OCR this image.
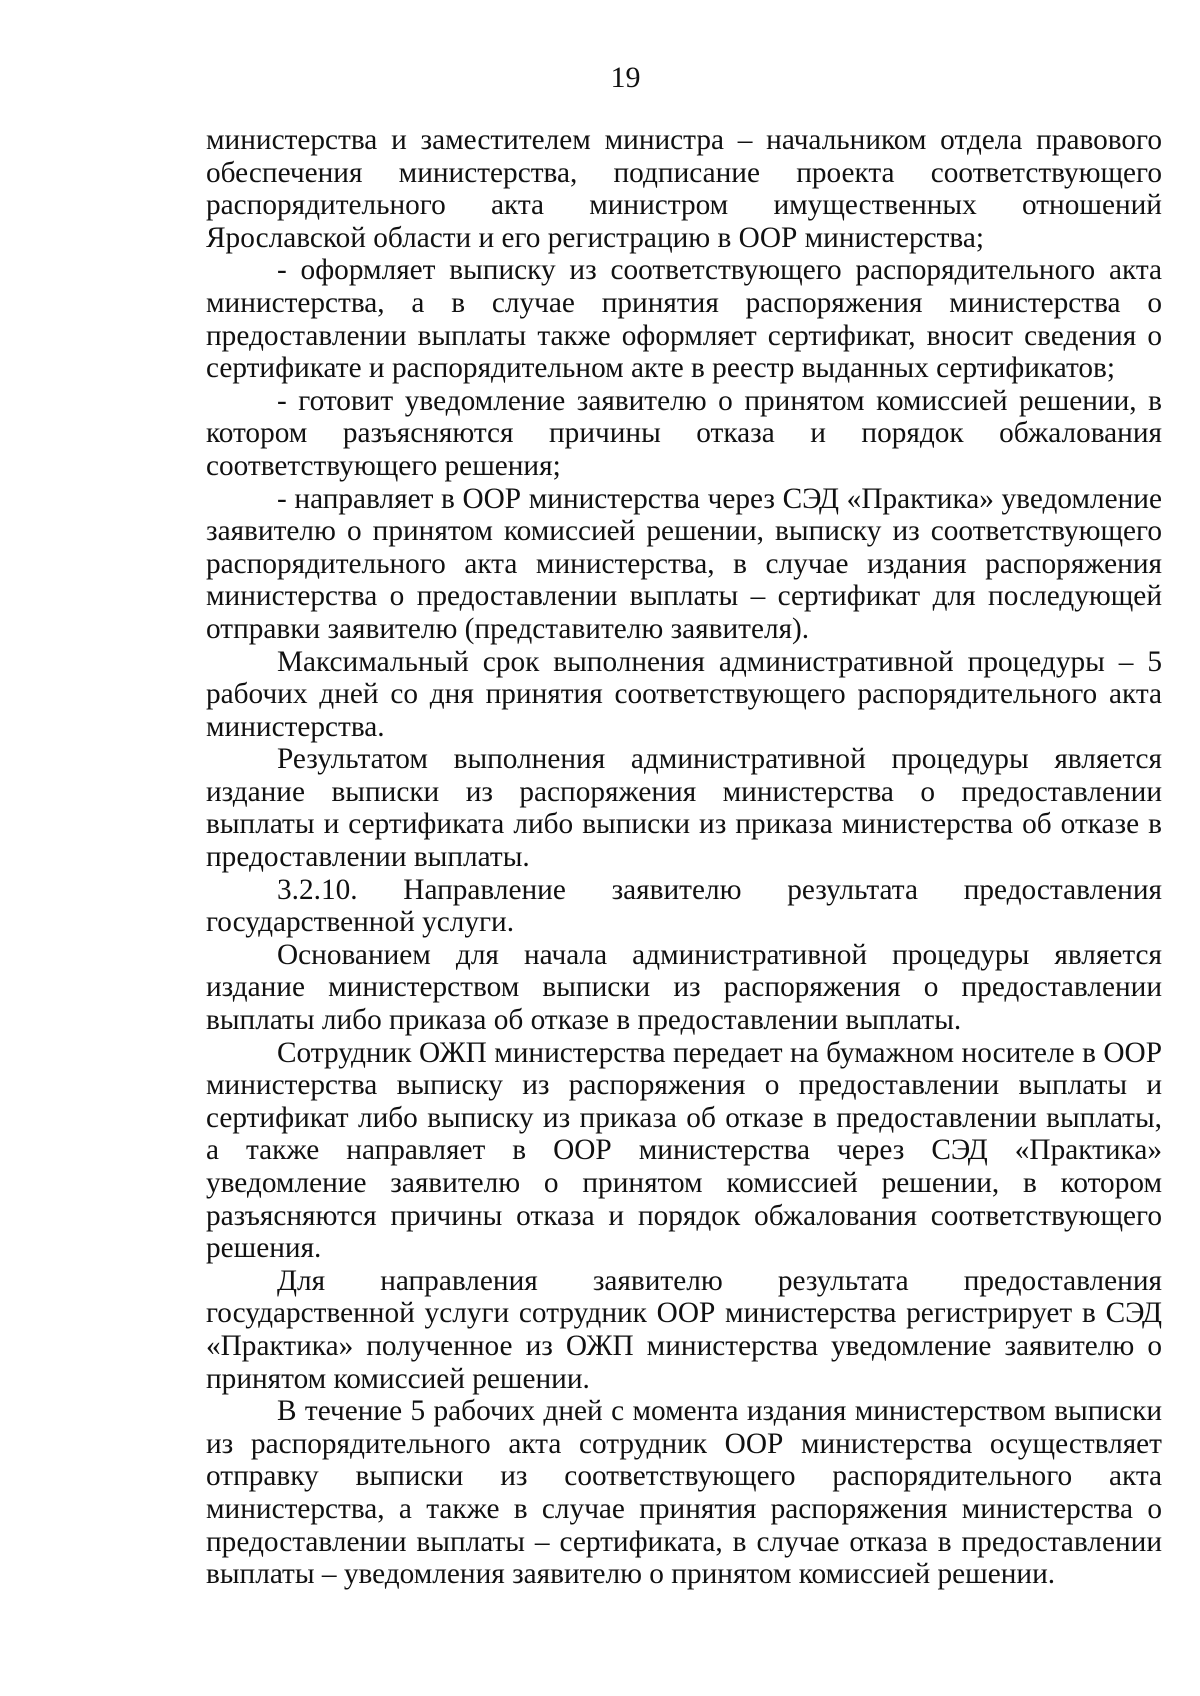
19

министерства и заместителем министра – начальником отдела правового обеспечения министерства, подписание проекта соответствующего распорядительного акта министром имущественных отношений Ярославской области и его регистрацию в ООР министерства;

- оформляет выписку из соответствующего распорядительного акта министерства, а в случае принятия распоряжения министерства о предоставлении выплаты также оформляет сертификат, вносит сведения о сертификате и распорядительном акте в реестр выданных сертификатов;

- готовит уведомление заявителю о принятом комиссией решении, в котором разъясняются причины отказа и порядок обжалования соответствующего решения;

- направляет в ООР министерства через СЭД «Практика» уведомление заявителю о принятом комиссией решении, выписку из соответствующего распорядительного акта министерства, в случае издания распоряжения министерства о предоставлении выплаты – сертификат для последующей отправки заявителю (представителю заявителя).

Максимальный срок выполнения административной процедуры – 5 рабочих дней со дня принятия соответствующего распорядительного акта министерства.

Результатом выполнения административной процедуры является издание выписки из распоряжения министерства о предоставлении выплаты и сертификата либо выписки из приказа министерства об отказе в предоставлении выплаты.

3.2.10. Направление заявителю результата предоставления государственной услуги.

Основанием для начала административной процедуры является издание министерством выписки из распоряжения о предоставлении выплаты либо приказа об отказе в предоставлении выплаты.

Сотрудник ОЖП министерства передает на бумажном носителе в ООР министерства выписку из распоряжения о предоставлении выплаты и сертификат либо выписку из приказа об отказе в предоставлении выплаты, а также направляет в ООР министерства через СЭД «Практика» уведомление заявителю о принятом комиссией решении, в котором разъясняются причины отказа и порядок обжалования соответствующего решения.

Для направления заявителю результата предоставления государственной услуги сотрудник ООР министерства регистрирует в СЭД «Практика» полученное из ОЖП министерства уведомление заявителю о принятом комиссией решении.

В течение 5 рабочих дней с момента издания министерством выписки из распорядительного акта сотрудник ООР министерства осуществляет отправку выписки из соответствующего распорядительного акта министерства, а также в случае принятия распоряжения министерства о предоставлении выплаты – сертификата, в случае отказа в предоставлении выплаты – уведомления заявителю о принятом комиссией решении.
